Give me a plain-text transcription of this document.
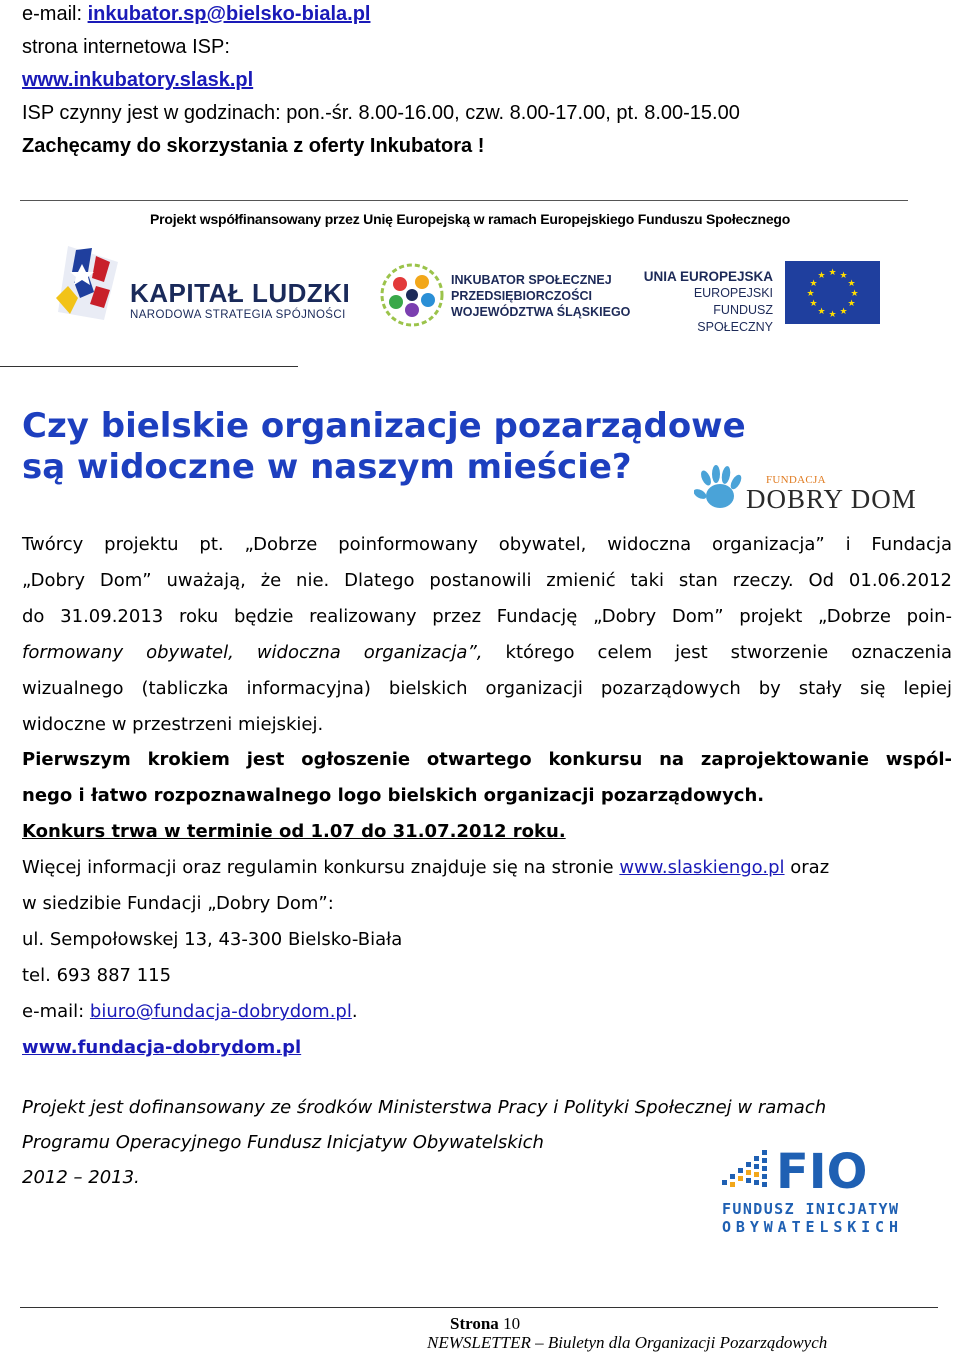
e-mail: inkubator.sp@bielsko-biala.pl
strona internetowa ISP:
www.inkubatory.slask.pl
ISP czynny jest w godzinach: pon.-śr. 8.00-16.00, czw. 8.00-17.00, pt. 8.00-15.00
Zachęcamy do skorzystania z oferty Inkubatora !
Projekt współfinansowany przez Unię Europejską w ramach Europejskiego Funduszu Społecznego
KAPITAŁ LUDZKI
NARODOWA STRATEGIA SPÓJNOŚCI
INKUBATOR SPOŁECZNEJ
PRZEDSIĘBIORCZOŚCI
WOJEWÓDZTWA ŚLĄSKIEGO
UNIA EUROPEJSKA
EUROPEJSKI
FUNDUSZ SPOŁECZNY
★ ★
★
★
★
★
★
★
★
★
★
★
Czy bielskie organizacje pozarządowe
są widoczne w naszym mieście?	FUNDACJA
DOBRY DOM
Twórcy projektu pt. „Dobrze poinformowany obywatel, widoczna organizacja” i Fundacja
„Dobry Dom” uważają, że nie. Dlatego postanowili zmienić taki stan rzeczy. Od 01.06.2012
do 31.09.2013 roku będzie realizowany przez Fundację „Dobry Dom” projekt „Dobrze poin-
formowany obywatel, widoczna organizacja”, którego celem jest stworzenie oznaczenia
wizualnego (tabliczka informacyjna) bielskich organizacji pozarządowych by stały się lepiej
widoczne w przestrzeni miejskiej.
Pierwszym krokiem jest ogłoszenie otwartego konkursu na zaprojektowanie wspól-
nego i łatwo rozpoznawalnego logo bielskich organizacji pozarządowych.
Konkurs trwa w terminie od 1.07 do 31.07.2012 roku.
Więcej informacji oraz regulamin konkursu znajduje się na stronie www.slaskiengo.pl oraz
w siedzibie Fundacji „Dobry Dom”:
ul. Sempołowskej 13, 43-300 Bielsko-Biała
tel. 693 887 115
e-mail: biuro@fundacja-dobrydom.pl.
www.fundacja-dobrydom.pl
Projekt jest dofinansowany ze środków Ministerstwa Pracy i Polityki Społecznej w ramach
Programu Operacyjnego Fundusz Inicjatyw Obywatelskich
2012 – 2013.	FIO
FUNDUSZ INICJATYW
OBYWATELSKICH
Strona 10
NEWSLETTER – Biuletyn dla Organizacji Pozarządowych
